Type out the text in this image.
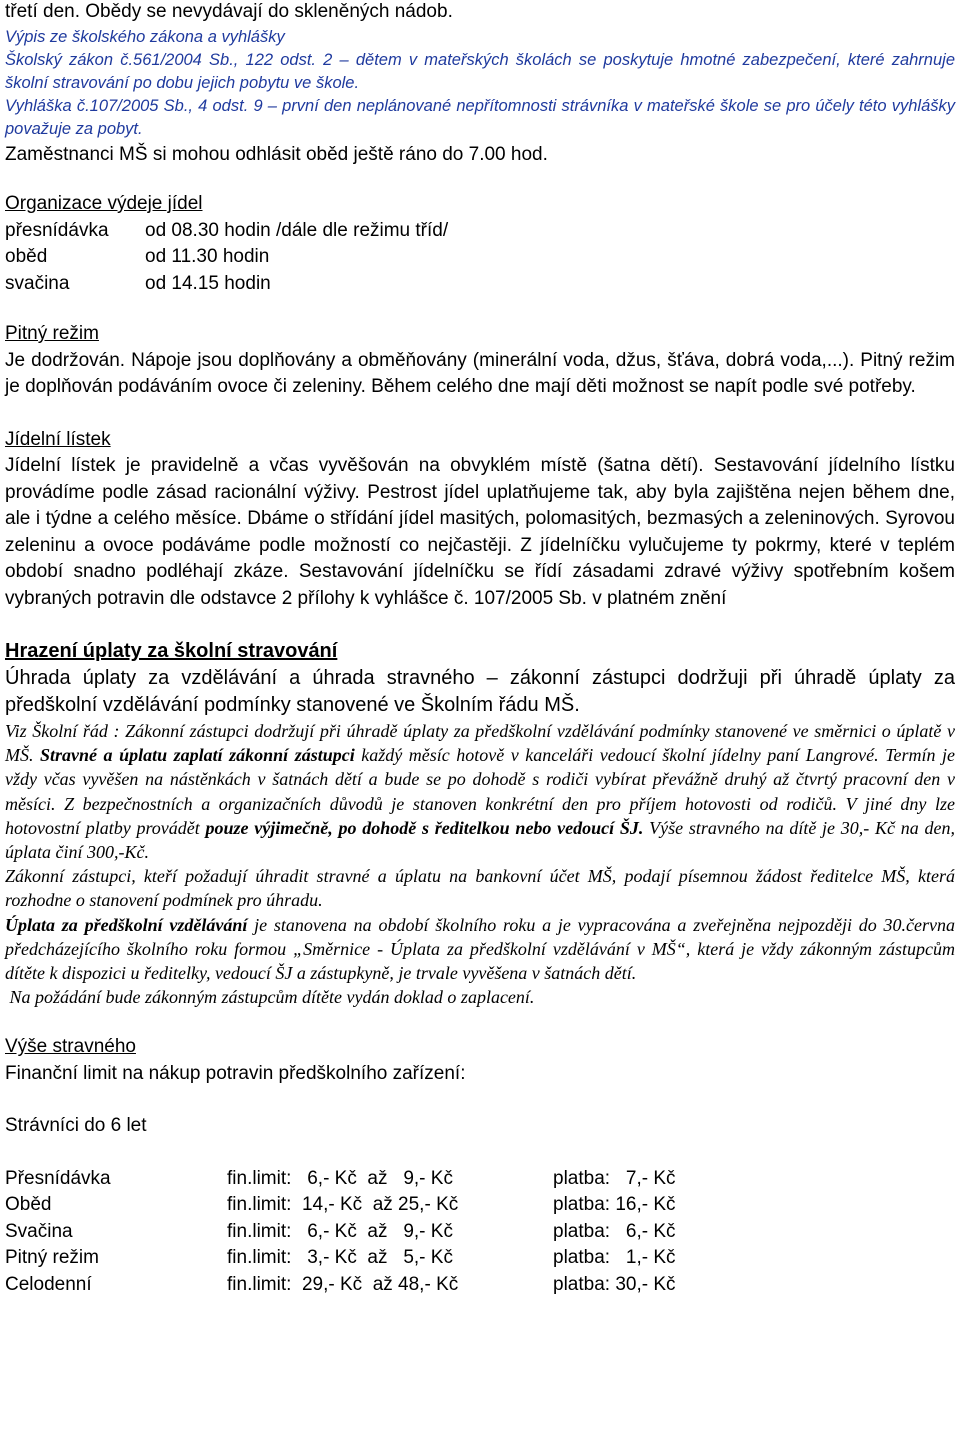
třetí den. Obědy se nevydávají do skleněných nádob.

Výpis ze školského zákona a vyhlášky

Školský zákon č.561/2004 Sb., 122 odst. 2 – dětem v mateřských školách se poskytuje hmotné zabezpečení, které zahrnuje školní stravování po dobu jejich pobytu ve škole.

Vyhláška č.107/2005 Sb., 4 odst. 9 – první den neplánované nepřítomnosti strávníka v mateřské škole se pro účely této vyhlášky považuje za pobyt.

Zaměstnanci MŠ si mohou odhlásit oběd ještě ráno do 7.00 hod.

Organizace výdeje jídel

přesnídávka	od 08.30 hodin /dále dle režimu tříd/
oběd	od 11.30 hodin
svačina	od 14.15 hodin

Pitný režim

Je dodržován. Nápoje jsou doplňovány a obměňovány (minerální voda, džus, šťáva, dobrá voda,...). Pitný režim je doplňován podáváním ovoce či zeleniny. Během celého dne mají děti možnost se napít podle své potřeby.

Jídelní lístek

Jídelní lístek je pravidelně a včas vyvěšován na obvyklém místě (šatna dětí). Sestavování jídelního lístku provádíme podle zásad racionální výživy. Pestrost jídel uplatňujeme tak, aby byla zajištěna nejen během dne, ale i týdne a celého měsíce. Dbáme o střídání jídel masitých, polomasitých, bezmasých a zeleninových. Syrovou zeleninu a ovoce podáváme podle možností co nejčastěji. Z jídelníčku vylučujeme ty pokrmy, které v teplém období snadno podléhají zkáze. Sestavování jídelníčku se řídí zásadami zdravé výživy spotřebním košem vybraných potravin dle odstavce 2 přílohy k vyhlášce č. 107/2005 Sb. v platném znění

Hrazení úplaty za školní stravování

Úhrada úplaty za vzdělávání a úhrada stravného – zákonní zástupci dodržuji při úhradě úplaty za předškolní vzdělávání podmínky stanovené ve Školním řádu MŠ.

Viz Školní řád : Zákonní zástupci dodržují při úhradě úplaty za předškolní vzdělávání podmínky stanovené ve směrnici o úplatě v MŠ. Stravné a úplatu zaplatí zákonní zástupci každý měsíc hotově v kanceláři vedoucí školní jídelny paní Langrové. Termín je vždy včas vyvěšen na nástěnkách v šatnách dětí a bude se po dohodě s rodiči vybírat převážně druhý až čtvrtý pracovní den v měsíci. Z bezpečnostních a organizačních důvodů je stanoven konkrétní den pro příjem hotovosti od rodičů. V jiné dny lze hotovostní platby provádět pouze výjimečně, po dohodě s ředitelkou nebo vedoucí ŠJ. Výše stravného na dítě je 30,- Kč na den, úplata činí 300,-Kč.

Zákonní zástupci, kteří požadují úhradit stravné a úplatu na bankovní účet MŠ, podají písemnou žádost ředitelce MŠ, která rozhodne o stanovení podmínek pro úhradu.

Úplata za předškolní vzdělávání je stanovena na období školního roku a je vypracována a zveřejněna nejpozději do 30.června předcházejícího školního roku formou „Směrnice - Úplata za předškolní vzdělávání v MŠ“, která je vždy zákonným zástupcům dítěte k dispozici u ředitelky, vedoucí ŠJ a zástupkyně, je trvale vyvěšena v šatnách dětí.

Na požádání bude zákonným zástupcům dítěte vydán doklad o zaplacení.

Výše stravného

Finanční limit na nákup potravin předškolního zařízení:

Strávníci do 6 let

Přesnídávka	fin.limit:   6,- Kč  až   9,- Kč	platba:   7,- Kč
Oběd	fin.limit:  14,- Kč  až 25,- Kč	platba: 16,- Kč
Svačina	fin.limit:   6,- Kč  až   9,- Kč	platba:   6,- Kč
Pitný režim	fin.limit:   3,- Kč  až   5,- Kč	platba:   1,- Kč
Celodenní	fin.limit:  29,- Kč  až 48,- Kč	platba: 30,- Kč
